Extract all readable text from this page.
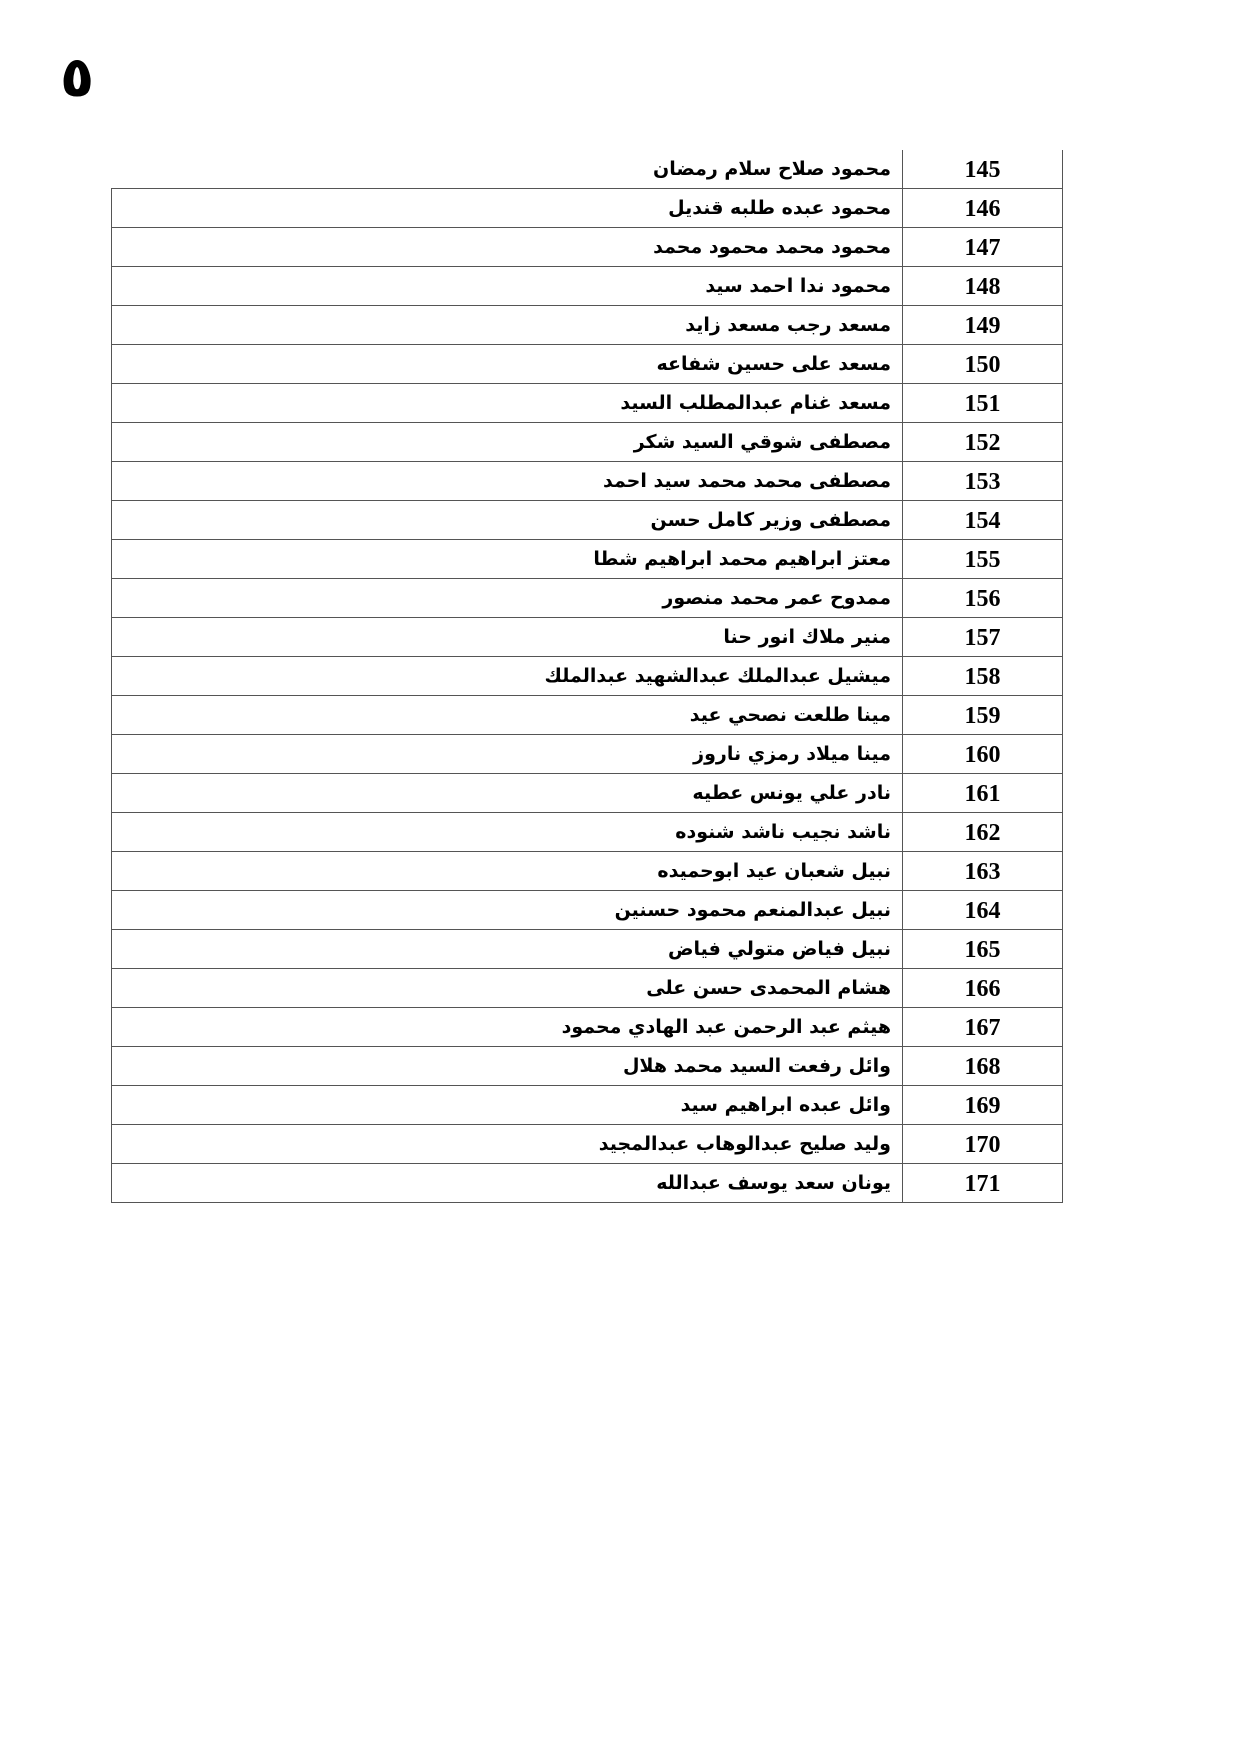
٥
محمود صلاح سلام رمضان	145
محمود عبده طلبه قنديل	146
محمود محمد محمود محمد	147
محمود ندا احمد سيد	148
مسعد رجب مسعد زايد	149
مسعد على حسين شفاعه	150
مسعد غنام عبدالمطلب السيد	151
مصطفى شوقي السيد شكر	152
مصطفى محمد محمد سيد احمد	153
مصطفى وزير كامل حسن	154
معتز ابراهيم محمد ابراهيم شطا	155
ممدوح عمر محمد منصور	156
منير ملاك انور حنا	157
ميشيل عبدالملك عبدالشهيد عبدالملك	158
مينا طلعت نصحي عيد	159
مينا ميلاد رمزي ناروز	160
نادر علي يونس عطيه	161
ناشد نجيب ناشد شنوده	162
نبيل شعبان عيد ابوحميده	163
نبيل عبدالمنعم محمود حسنين	164
نبيل فياض متولي فياض	165
هشام المحمدى حسن على	166
هيثم عبد الرحمن عبد الهادي محمود	167
وائل رفعت السيد محمد هلال	168
وائل عبده ابراهيم سيد	169
وليد صليح عبدالوهاب عبدالمجيد	170
يونان سعد يوسف عبدالله	171
